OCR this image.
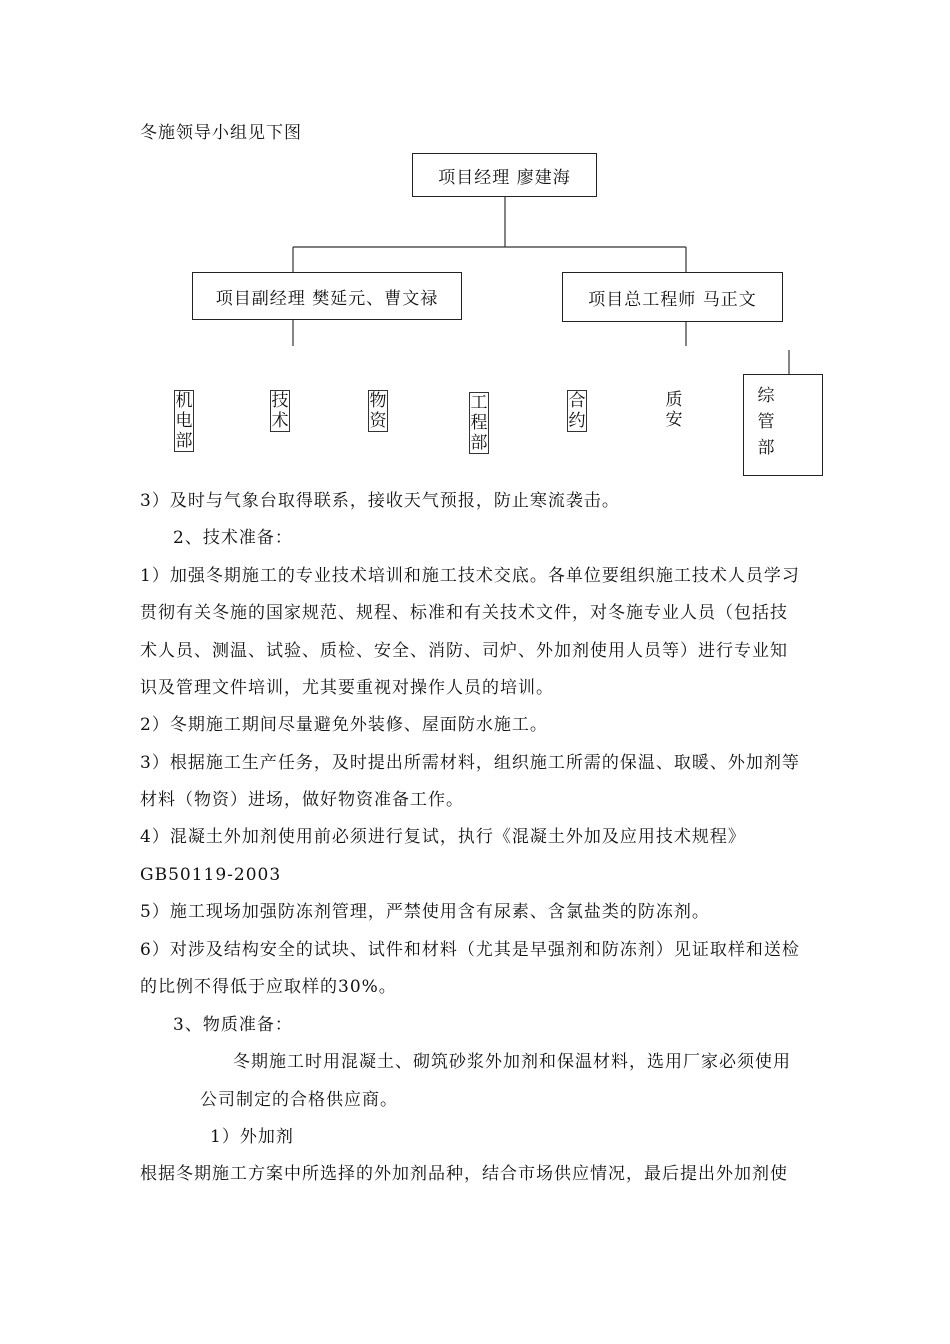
冬施领导小组见下图
项目经理 廖建海
项目副经理 樊延元、曹文禄	项目总工程师 马正文
机电部
技术
物资
工程部
合约
质安
综管部
3）及时与气象台取得联系，接收天气预报，防止寒流袭击。
2、技术准备：
1）加强冬期施工的专业技术培训和施工技术交底。各单位要组织施工技术人员学习
贯彻有关冬施的国家规范、规程、标准和有关技术文件，对冬施专业人员（包括技
术人员、测温、试验、质检、安全、消防、司炉、外加剂使用人员等）进行专业知
识及管理文件培训，尤其要重视对操作人员的培训。
2）冬期施工期间尽量避免外装修、屋面防水施工。
3）根据施工生产任务，及时提出所需材料，组织施工所需的保温、取暖、外加剂等
材料（物资）进场，做好物资准备工作。
4）混凝土外加剂使用前必须进行复试，执行《混凝土外加及应用技术规程》
GB50119-2003
5）施工现场加强防冻剂管理，严禁使用含有尿素、含氯盐类的防冻剂。
6）对涉及结构安全的试块、试件和材料（尤其是早强剂和防冻剂）见证取样和送检
的比例不得低于应取样的30%。
3、物质准备：
冬期施工时用混凝土、砌筑砂浆外加剂和保温材料，选用厂家必须使用
公司制定的合格供应商。
1）外加剂
根据冬期施工方案中所选择的外加剂品种，结合市场供应情况，最后提出外加剂使
